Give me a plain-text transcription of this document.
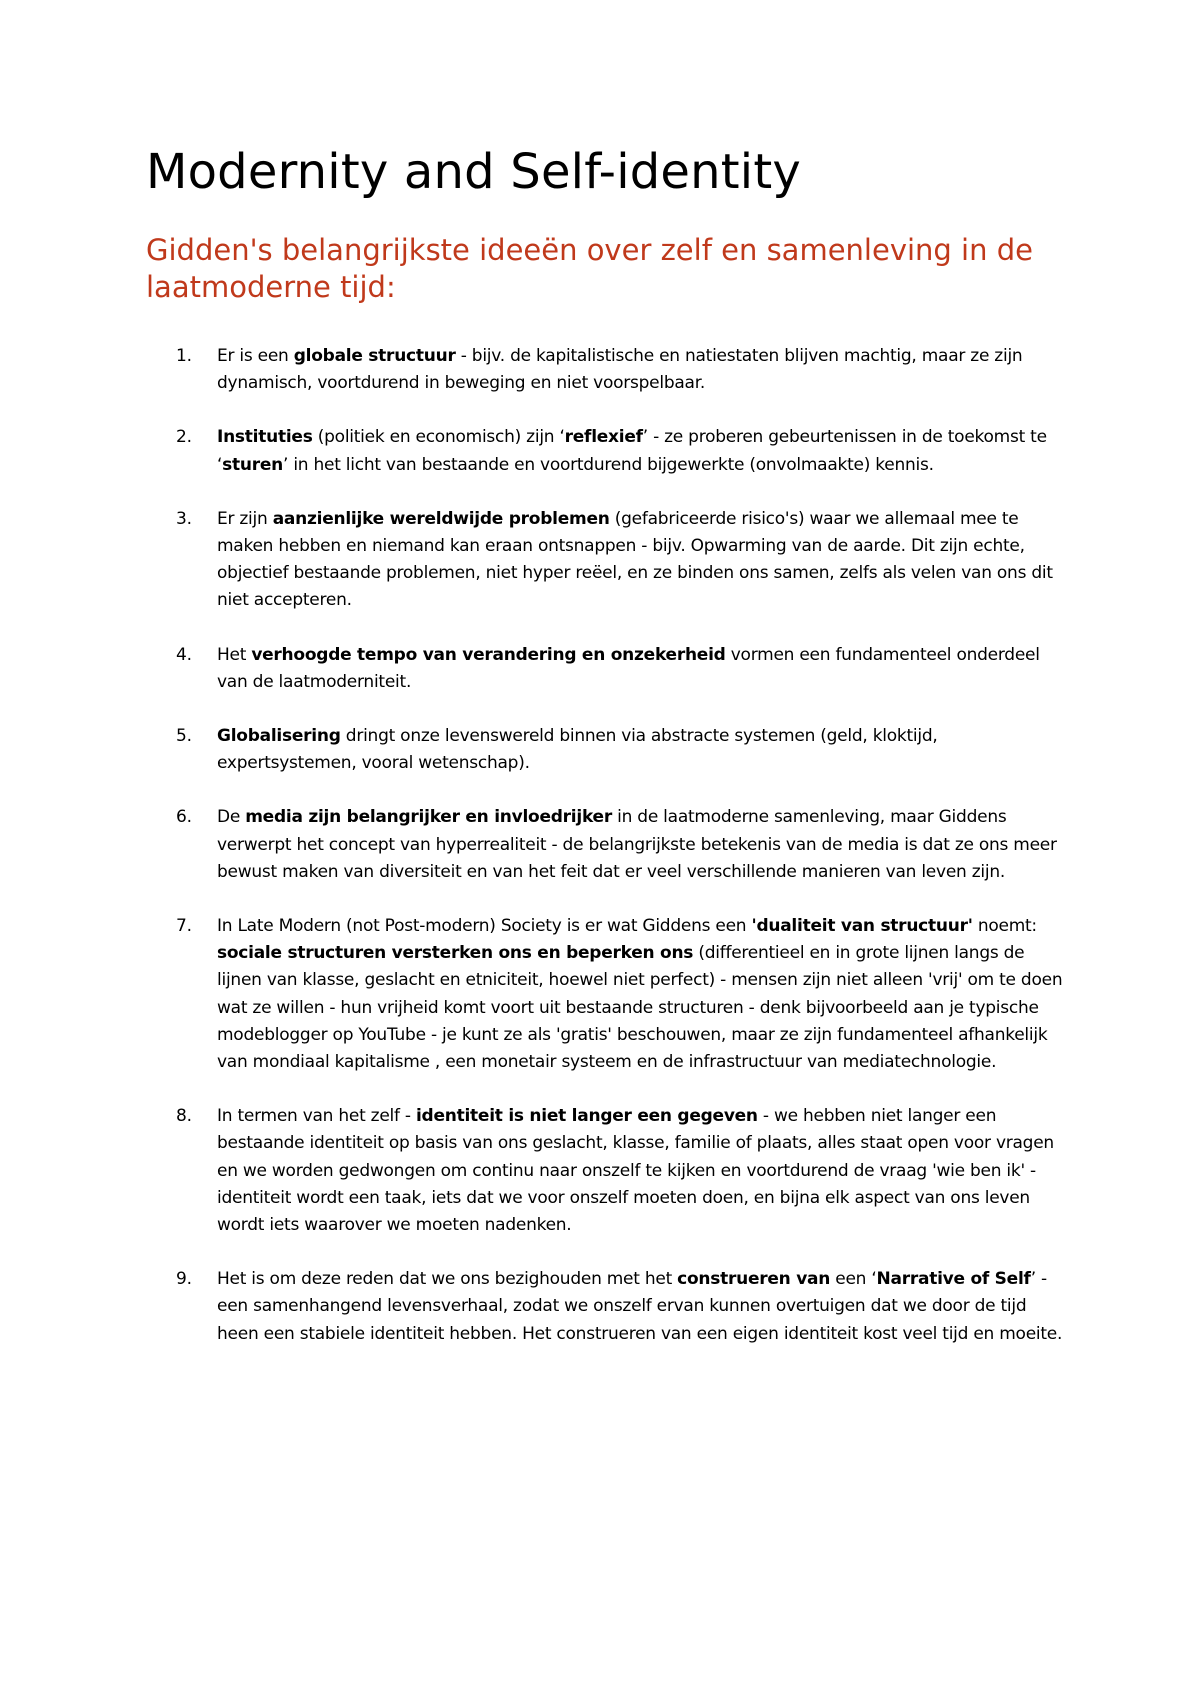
Modernity and Self-identity
Gidden's belangrijkste ideeën over zelf en samenleving in de laatmoderne tijd:
1. Er is een globale structuur - bijv. de kapitalistische en natiestaten blijven machtig, maar ze zijn dynamisch, voortdurend in beweging en niet voorspelbaar.
2. Instituties (politiek en economisch) zijn ‘reflexief’ - ze proberen gebeurtenissen in de toekomst te ‘sturen’ in het licht van bestaande en voortdurend bijgewerkte (onvolmaakte) kennis.
3. Er zijn aanzienlijke wereldwijde problemen (gefabriceerde risico's) waar we allemaal mee te maken hebben en niemand kan eraan ontsnappen - bijv. Opwarming van de aarde. Dit zijn echte, objectief bestaande problemen, niet hyper reëel, en ze binden ons samen, zelfs als velen van ons dit niet accepteren.
4. Het verhoogde tempo van verandering en onzekerheid vormen een fundamenteel onderdeel van de laatmoderniteit.
5. Globalisering dringt onze levenswereld binnen via abstracte systemen (geld, kloktijd, expertsystemen, vooral wetenschap).
6. De media zijn belangrijker en invloedrijker in de laatmoderne samenleving, maar Giddens verwerpt het concept van hyperrealiteit - de belangrijkste betekenis van de media is dat ze ons meer bewust maken van diversiteit en van het feit dat er veel verschillende manieren van leven zijn.
7. In Late Modern (not Post-modern) Society is er wat Giddens een 'dualiteit van structuur' noemt: sociale structuren versterken ons en beperken ons (differentieel en in grote lijnen langs de lijnen van klasse, geslacht en etniciteit, hoewel niet perfect) - mensen zijn niet alleen 'vrij' om te doen wat ze willen - hun vrijheid komt voort uit bestaande structuren - denk bijvoorbeeld aan je typische modeblogger op YouTube - je kunt ze als 'gratis' beschouwen, maar ze zijn fundamenteel afhankelijk van mondiaal kapitalisme , een monetair systeem en de infrastructuur van mediatechnologie.
8. In termen van het zelf - identiteit is niet langer een gegeven - we hebben niet langer een bestaande identiteit op basis van ons geslacht, klasse, familie of plaats, alles staat open voor vragen en we worden gedwongen om continu naar onszelf te kijken en voortdurend de vraag 'wie ben ik' - identiteit wordt een taak, iets dat we voor onszelf moeten doen, en bijna elk aspect van ons leven wordt iets waarover we moeten nadenken.
9. Het is om deze reden dat we ons bezighouden met het construeren van een ‘Narrative of Self’ - een samenhangend levensverhaal, zodat we onszelf ervan kunnen overtuigen dat we door de tijd heen een stabiele identiteit hebben. Het construeren van een eigen identiteit kost veel tijd en moeite.
